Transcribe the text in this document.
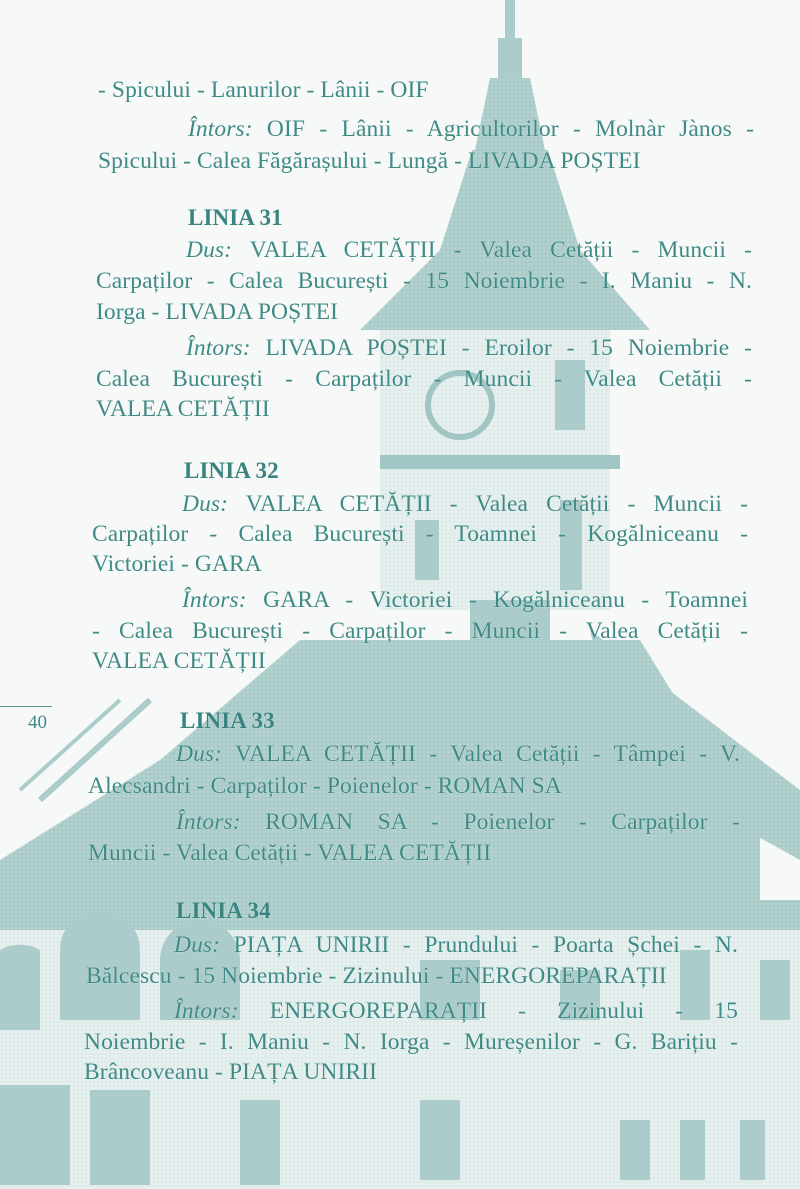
40

- Spicului - Lanurilor - Lânii - OIF

Întors: OIF - Lânii - Agricultorilor - Molnàr Jànos -

Spicului - Calea Făgărașului - Lungă - LIVADA POȘTEI

LINIA 31

Dus: VALEA CETĂȚII - Valea Cetății - Muncii -

Carpaților - Calea București - 15 Noiembrie - I. Maniu - N.

Iorga - LIVADA POȘTEI

Întors: LIVADA POȘTEI - Eroilor - 15 Noiembrie -

Calea București - Carpaților - Muncii - Valea Cetății -

VALEA CETĂȚII

LINIA 32

Dus: VALEA CETĂȚII - Valea Cetății - Muncii -

Carpaților - Calea București - Toamnei - Kogălniceanu -

Victoriei - GARA

Întors: GARA - Victoriei - Kogălniceanu - Toamnei

- Calea București - Carpaților - Muncii - Valea Cetății -

VALEA CETĂȚII

LINIA 33

Dus: VALEA CETĂȚII - Valea Cetății - Tâmpei - V.

Alecsandri - Carpaților - Poienelor - ROMAN SA

Întors: ROMAN SA - Poienelor - Carpaților -

Muncii - Valea Cetății - VALEA CETĂȚII

LINIA 34

Dus: PIAȚA UNIRII - Prundului - Poarta Șchei - N.

Bălcescu - 15 Noiembrie - Zizinului - ENERGOREPARAȚII

Întors: ENERGOREPARAȚII - Zizinului - 15

Noiembrie - I. Maniu - N. Iorga - Mureșenilor - G. Barițiu -

Brâncoveanu - PIAȚA UNIRII
